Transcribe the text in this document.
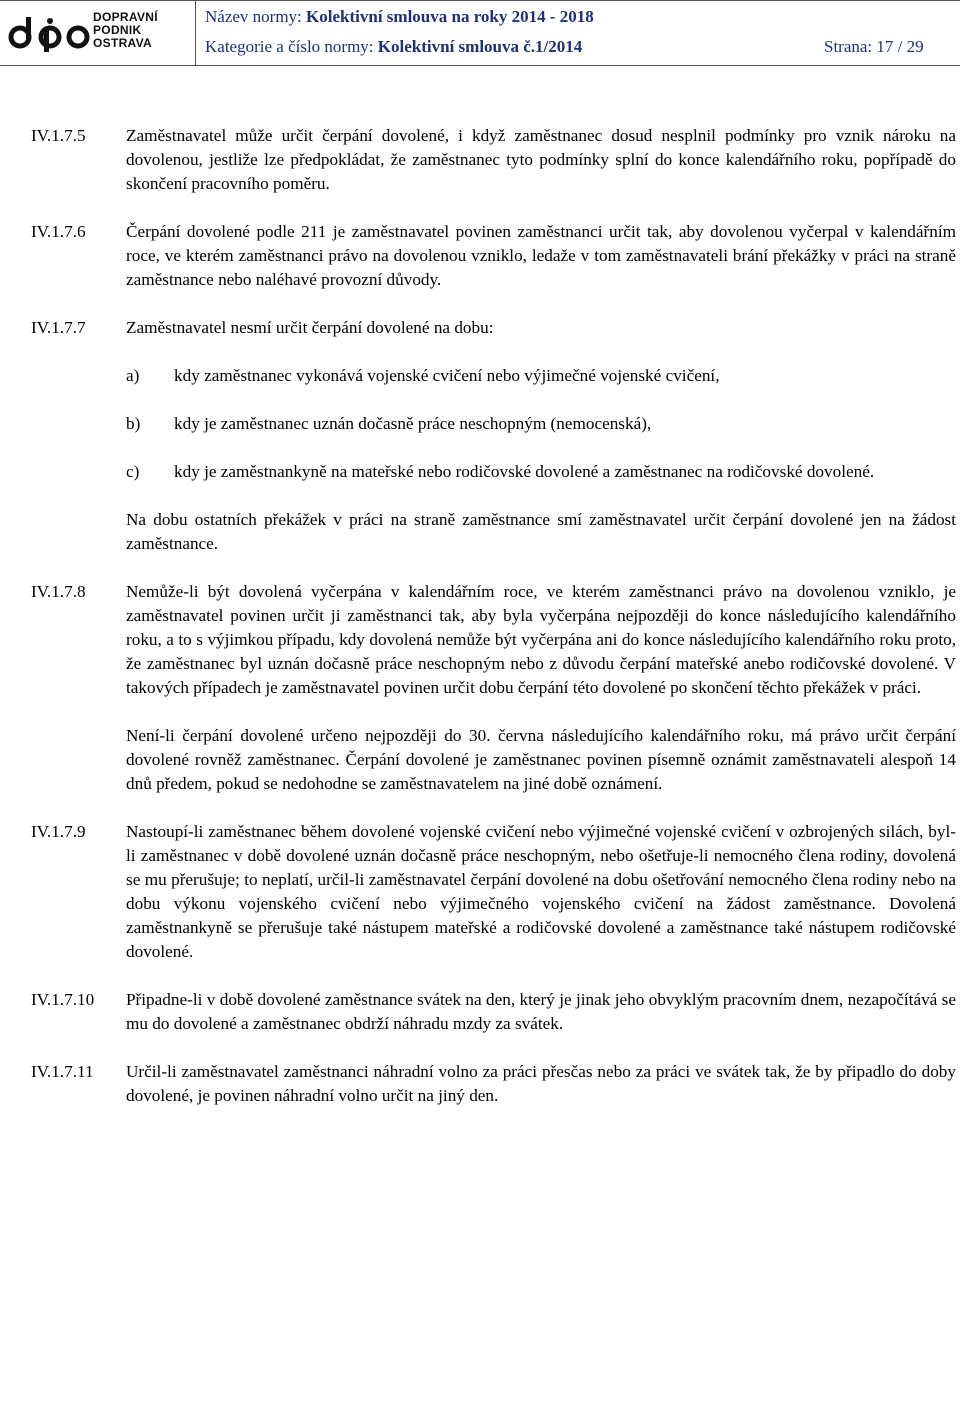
DOPRAVNÍ
PODNIK
OSTRAVA
Název normy: Kolektivní smlouva na roky 2014 - 2018
Kategorie a číslo normy: Kolektivní smlouva č.1/2014	Strana: 17 / 29
IV.1.7.5 Zaměstnavatel může určit čerpání dovolené, i když zaměstnanec dosud nesplnil podmínky pro vznik nároku na dovolenou, jestliže lze předpokládat, že zaměstnanec tyto podmínky splní do konce kalendářního roku, popřípadě do skončení pracovního poměru.
IV.1.7.6 Čerpání dovolené podle 211 je zaměstnavatel povinen zaměstnanci určit tak, aby dovolenou vyčerpal v kalendářním roce, ve kterém zaměstnanci právo na dovolenou vzniklo, ledaže v tom zaměstnavateli brání překážky v práci na straně zaměstnance nebo naléhavé provozní důvody.
IV.1.7.7 Zaměstnavatel nesmí určit čerpání dovolené na dobu:
a) kdy zaměstnanec vykonává vojenské cvičení nebo výjimečné vojenské cvičení,
b) kdy je zaměstnanec uznán dočasně práce neschopným (nemocenská),
c) kdy je zaměstnankyně na mateřské nebo rodičovské dovolené a zaměstnanec na rodičovské dovolené.
Na dobu ostatních překážek v práci na straně zaměstnance smí zaměstnavatel určit čerpání dovolené jen na žádost zaměstnance.
IV.1.7.8 Nemůže-li být dovolená vyčerpána v kalendářním roce, ve kterém zaměstnanci právo na dovolenou vzniklo, je zaměstnavatel povinen určit ji zaměstnanci tak, aby byla vyčerpána nejpozději do konce následujícího kalendářního roku, a to s výjimkou případu, kdy dovolená nemůže být vyčerpána ani do konce následujícího kalendářního roku proto, že zaměstnanec byl uznán dočasně práce neschopným nebo z důvodu čerpání mateřské anebo rodičovské dovolené. V takových případech je zaměstnavatel povinen určit dobu čerpání této dovolené po skončení těchto překážek v práci.
Není-li čerpání dovolené určeno nejpozději do 30. června následujícího kalendářního roku, má právo určit čerpání dovolené rovněž zaměstnanec. Čerpání dovolené je zaměstnanec povinen písemně oznámit zaměstnavateli alespoň 14 dnů předem, pokud se nedohodne se zaměstnavatelem na jiné době oznámení.
IV.1.7.9 Nastoupí-li zaměstnanec během dovolené vojenské cvičení nebo výjimečné vojenské cvičení v ozbrojených silách, byl-li zaměstnanec v době dovolené uznán dočasně práce neschopným, nebo ošetřuje-li nemocného člena rodiny, dovolená se mu přerušuje; to neplatí, určil-li zaměstnavatel čerpání dovolené na dobu ošetřování nemocného člena rodiny nebo na dobu výkonu vojenského cvičení nebo výjimečného vojenského cvičení na žádost zaměstnance. Dovolená zaměstnankyně se přerušuje také nástupem mateřské a rodičovské dovolené a zaměstnance také nástupem rodičovské dovolené.
IV.1.7.10 Připadne-li v době dovolené zaměstnance svátek na den, který je jinak jeho obvyklým pracovním dnem, nezapočítává se mu do dovolené a zaměstnanec obdrží náhradu mzdy za svátek.
IV.1.7.11 Určil-li zaměstnavatel zaměstnanci náhradní volno za práci přesčas nebo za práci ve svátek tak, že by připadlo do doby dovolené, je povinen náhradní volno určit na jiný den.
